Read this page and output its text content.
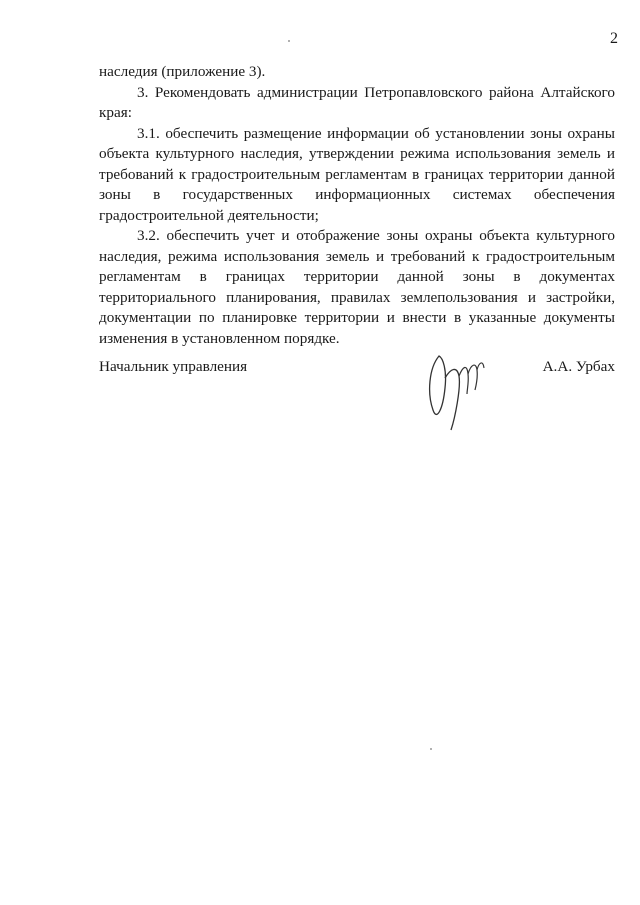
2

наследия (приложение 3).

3. Рекомендовать администрации Петропавловского района Алтайского края:

3.1. обеспечить размещение информации об установлении зоны охраны объекта культурного наследия, утверждении режима использования земель и требований к градостроительным регламентам в границах территории данной зоны в государственных информационных системах обеспечения градостроительной деятельности;

3.2. обеспечить учет и отображение зоны охраны объекта культурного наследия, режима использования земель и требований к градостроительным регламентам в границах территории данной зоны в документах территориального планирования, правилах землепользования и застройки, документации по планировке территории и внести в указанные документы изменения в установленном порядке.

Начальник управления	А.А. Урбах
